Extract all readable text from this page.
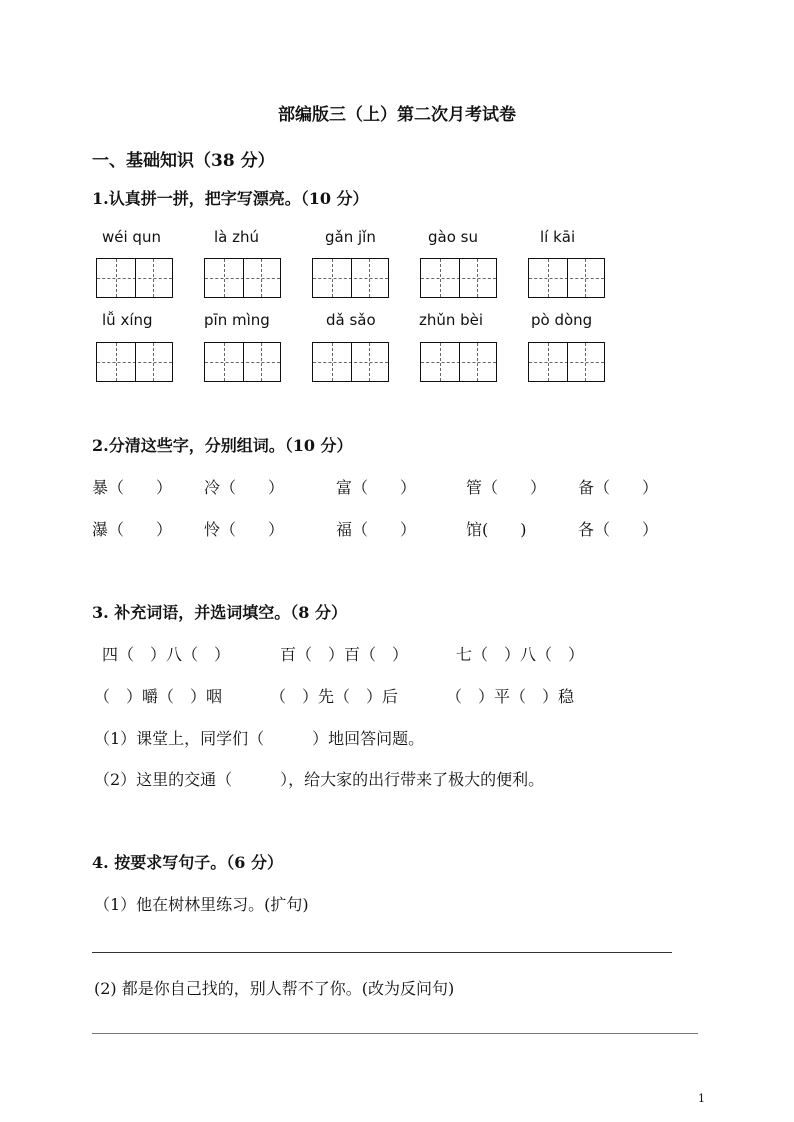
部编版三（上）第二次月考试卷
一、基础知识（38 分）
1.认真拼一拼，把字写漂亮。（10 分）
wéi qun	là zhú	gǎn jǐn	gào su	lí kāi
lǚ xíng	pīn mìng	dǎ sǎo	zhǔn bèi	pò dòng
2.分清这些字，分别组词。（10 分）
暴（　　） 冷（　　）	富（　　）	管（　　） 备（　　）
瀑（　　） 怜（　　）	福（　　）	馆(　　)	各（　　）
3. 补充词语，并选词填空。（8 分）
四（　）八（　）	百（　）百（　）	七（　）八（　）
（　）嚼（　）咽	（　）先（　）后	（　）平（　）稳
（1）课堂上，同学们（　　　）地回答问题。
（2）这里的交通（　　　），给大家的出行带来了极大的便利。
4. 按要求写句子。（6 分）
（1）他在树林里练习。(扩句)
(2) 都是你自己找的，别人帮不了你。(改为反问句)
1
